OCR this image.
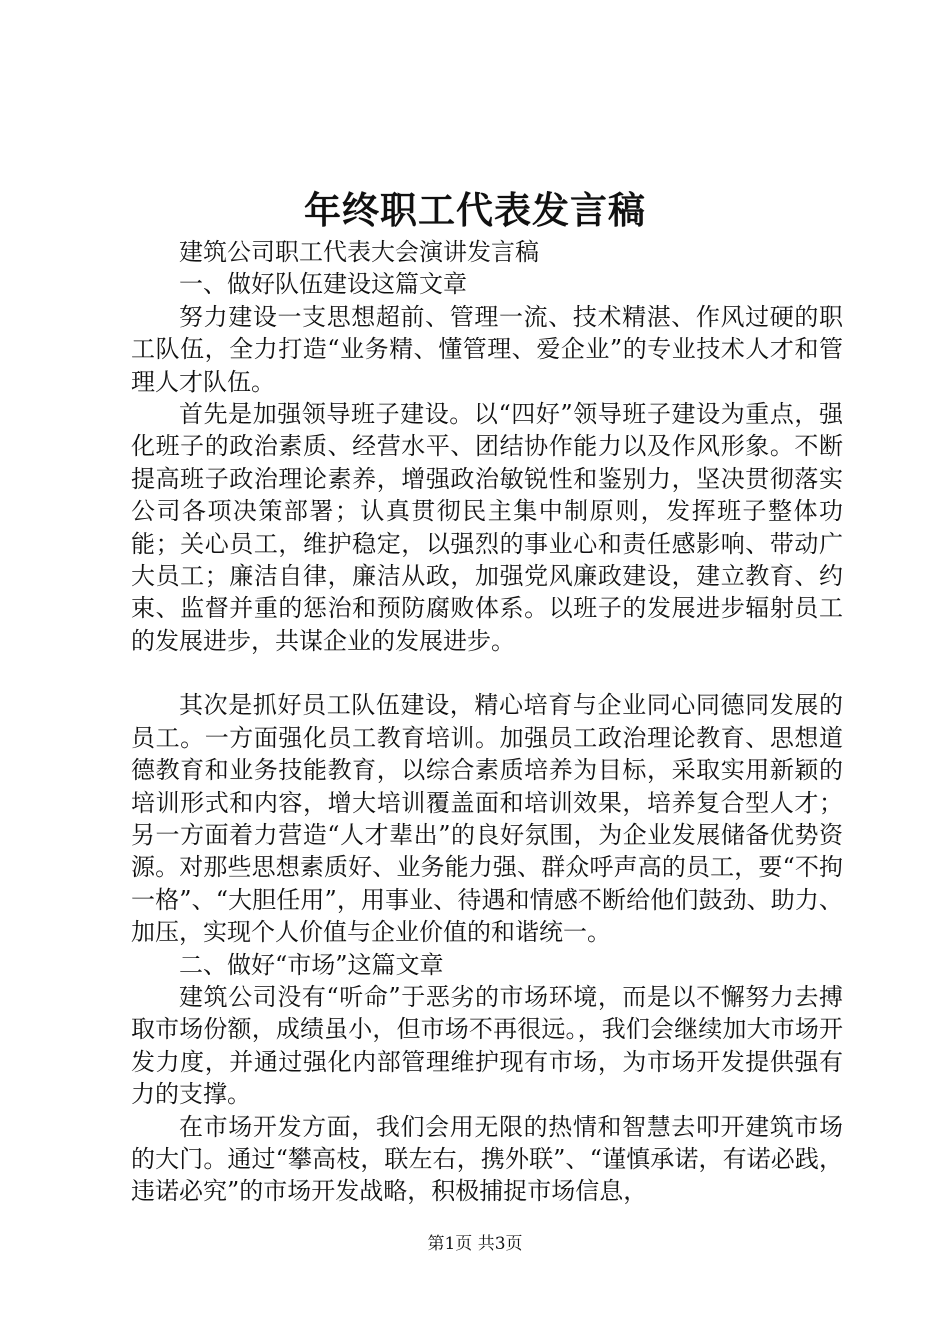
年终职工代表发言稿

建筑公司职工代表大会演讲发言稿

一、做好队伍建设这篇文章

努力建设一支思想超前、管理一流、技术精湛、作风过硬的职工队伍，全力打造“业务精、懂管理、爱企业”的专业技术人才和管理人才队伍。

首先是加强领导班子建设。以“四好”领导班子建设为重点，强化班子的政治素质、经营水平、团结协作能力以及作风形象。不断提高班子政治理论素养，增强政治敏锐性和鉴别力，坚决贯彻落实公司各项决策部署；认真贯彻民主集中制原则，发挥班子整体功能；关心员工，维护稳定，以强烈的事业心和责任感影响、带动广大员工；廉洁自律，廉洁从政，加强党风廉政建设，建立教育、约束、监督并重的惩治和预防腐败体系。以班子的发展进步辐射员工的发展进步，共谋企业的发展进步。

其次是抓好员工队伍建设，精心培育与企业同心同德同发展的员工。一方面强化员工教育培训。加强员工政治理论教育、思想道德教育和业务技能教育，以综合素质培养为目标，采取实用新颖的培训形式和内容，增大培训覆盖面和培训效果，培养复合型人才；另一方面着力营造“人才辈出”的良好氛围，为企业发展储备优势资源。对那些思想素质好、业务能力强、群众呼声高的员工，要“不拘一格”、“大胆任用”，用事业、待遇和情感不断给他们鼓劲、助力、加压，实现个人价值与企业价值的和谐统一。

二、做好“市场”这篇文章

建筑公司没有“听命”于恶劣的市场环境，而是以不懈努力去搏取市场份额，成绩虽小，但市场不再很远。，我们会继续加大市场开发力度，并通过强化内部管理维护现有市场，为市场开发提供强有力的支撑。

在市场开发方面，我们会用无限的热情和智慧去叩开建筑市场的大门。通过“攀高枝，联左右，携外联”、“谨慎承诺，有诺必践，违诺必究”的市场开发战略，积极捕捉市场信息，

第1页 共3页
